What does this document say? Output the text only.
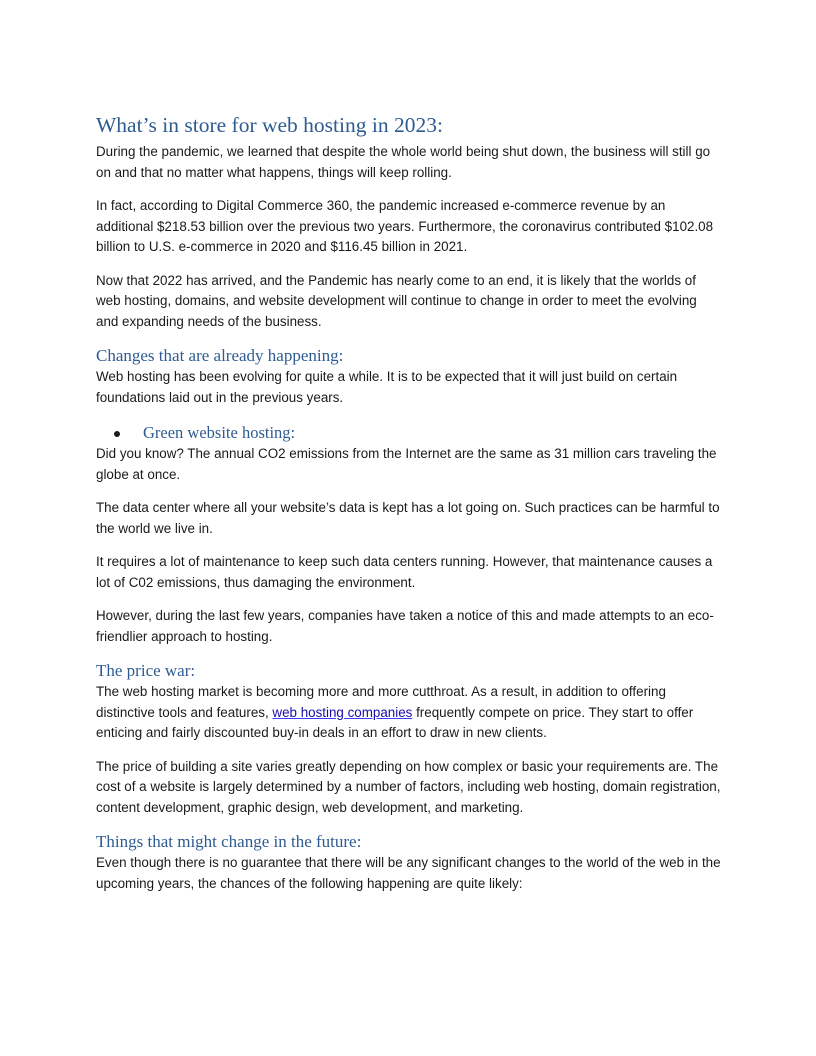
What’s in store for web hosting in 2023:

During the pandemic, we learned that despite the whole world being shut down, the business will still go on and that no matter what happens, things will keep rolling.

In fact, according to Digital Commerce 360, the pandemic increased e-commerce revenue by an additional $218.53 billion over the previous two years. Furthermore, the coronavirus contributed $102.08 billion to U.S. e-commerce in 2020 and $116.45 billion in 2021.

Now that 2022 has arrived, and the Pandemic has nearly come to an end, it is likely that the worlds of web hosting, domains, and website development will continue to change in order to meet the evolving and expanding needs of the business.

Changes that are already happening:

Web hosting has been evolving for quite a while. It is to be expected that it will just build on certain foundations laid out in the previous years.

Green website hosting:

Did you know? The annual CO2 emissions from the Internet are the same as 31 million cars traveling the globe at once.

The data center where all your website’s data is kept has a lot going on. Such practices can be harmful to the world we live in.

It requires a lot of maintenance to keep such data centers running. However, that maintenance causes a lot of C02 emissions, thus damaging the environment.

However, during the last few years, companies have taken a notice of this and made attempts to an eco-friendlier approach to hosting.

The price war:

The web hosting market is becoming more and more cutthroat. As a result, in addition to offering distinctive tools and features, web hosting companies frequently compete on price. They start to offer enticing and fairly discounted buy-in deals in an effort to draw in new clients.

The price of building a site varies greatly depending on how complex or basic your requirements are. The cost of a website is largely determined by a number of factors, including web hosting, domain registration, content development, graphic design, web development, and marketing.

Things that might change in the future:

Even though there is no guarantee that there will be any significant changes to the world of the web in the upcoming years, the chances of the following happening are quite likely:
